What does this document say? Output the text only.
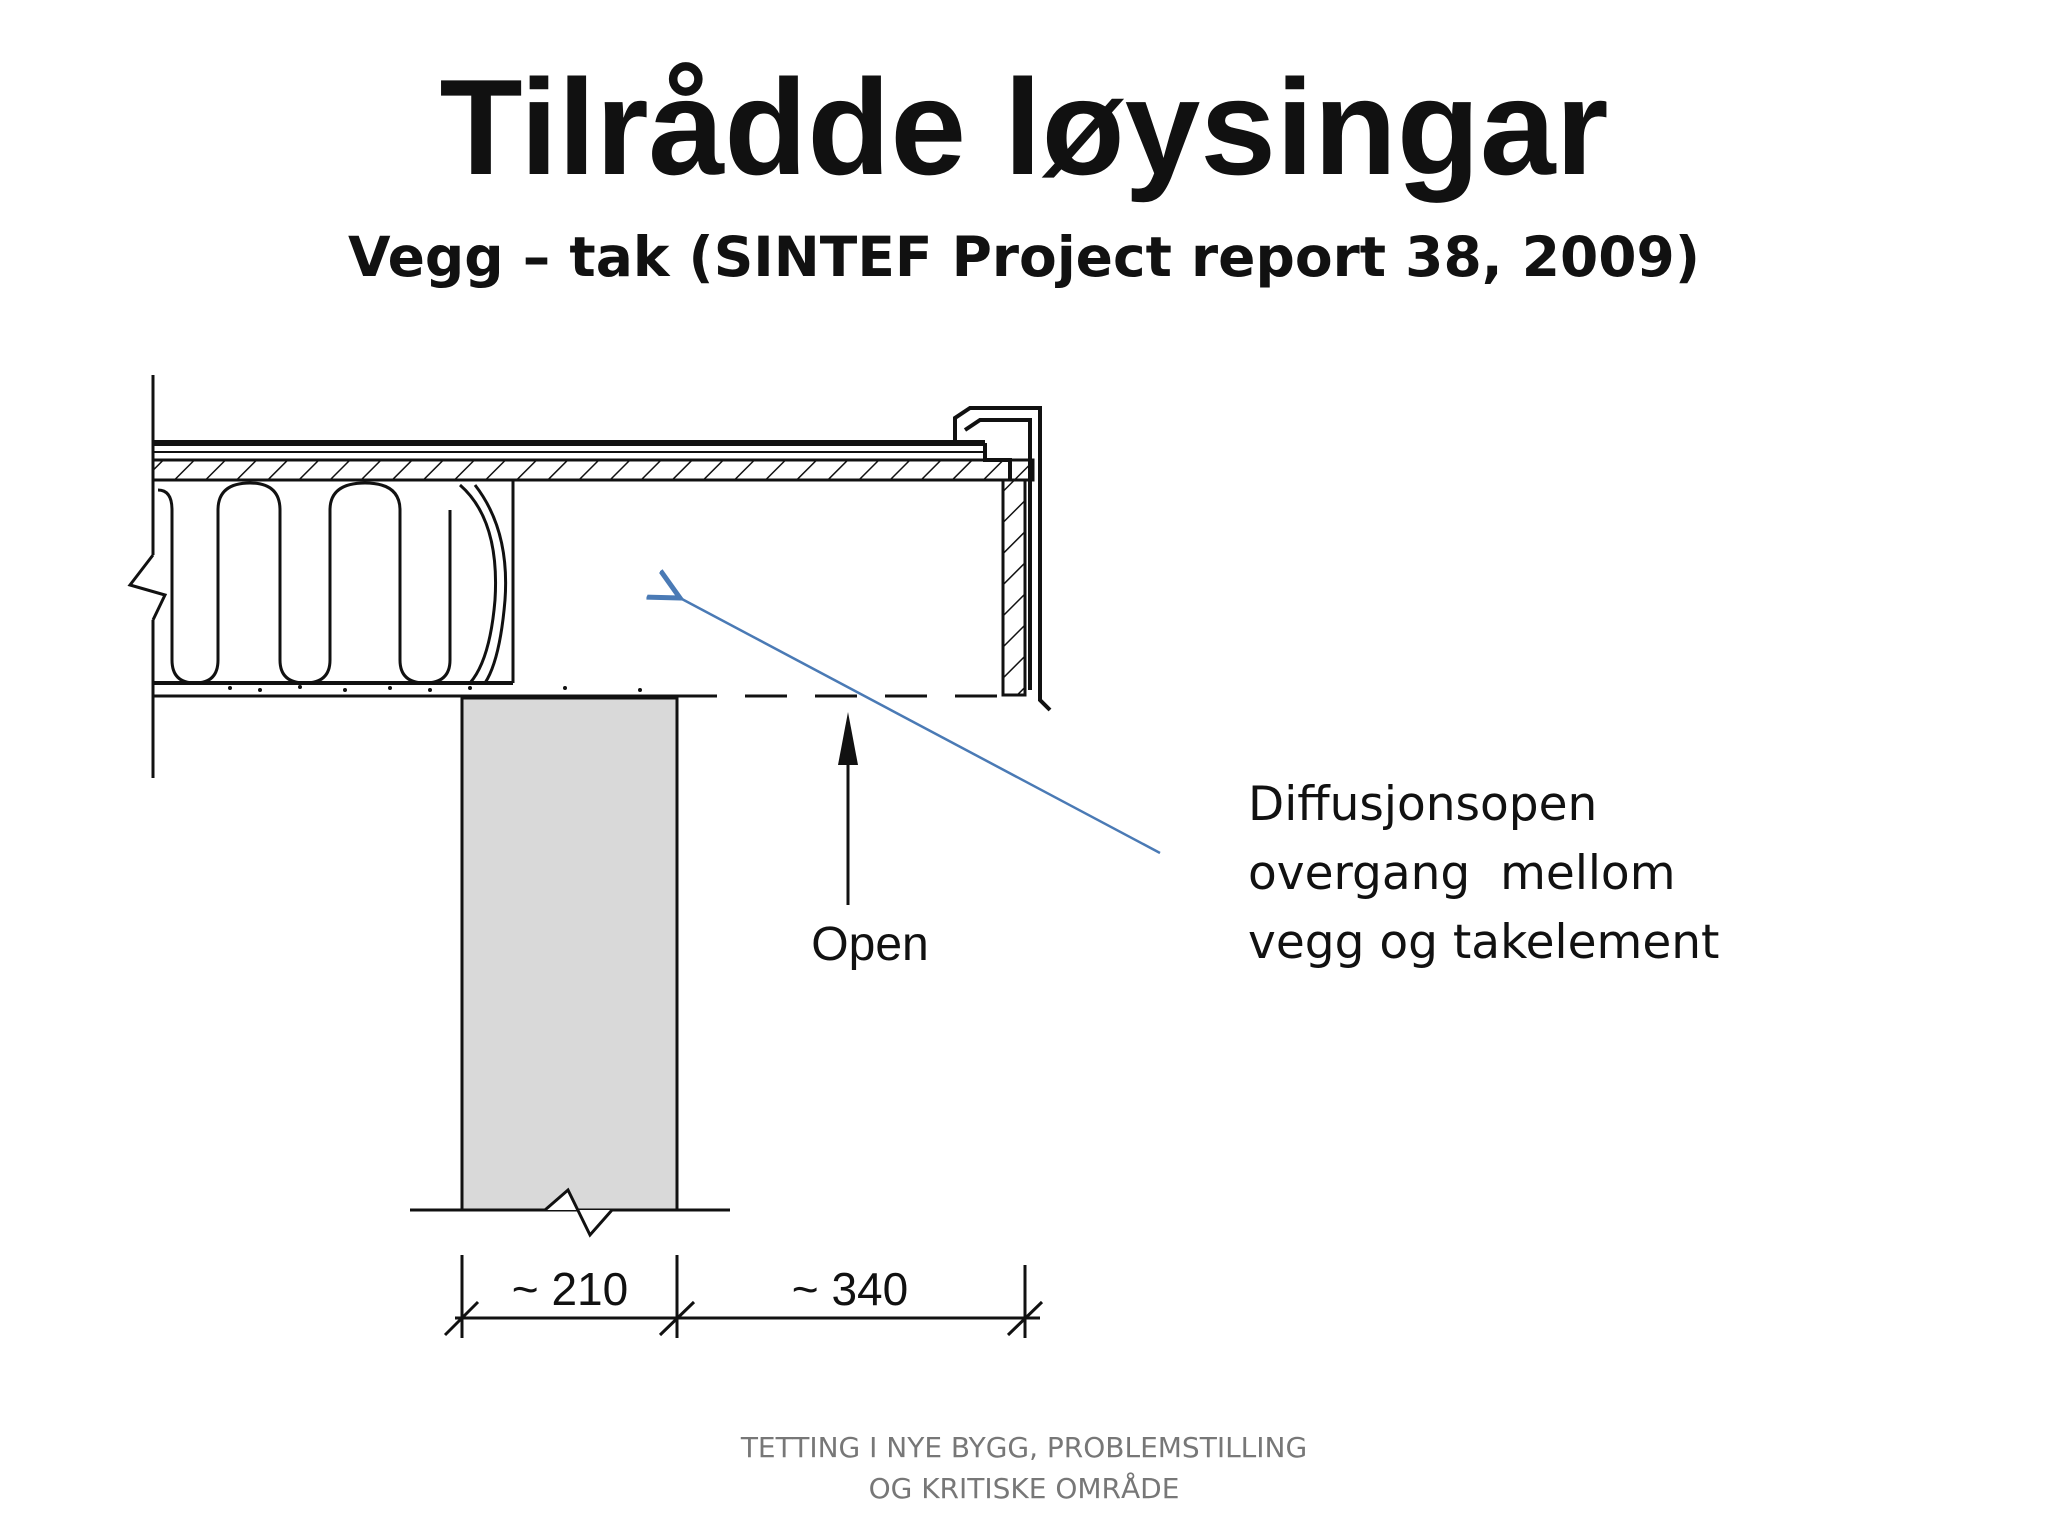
Tilrådde løysingar
Vegg – tak (SINTEF Project report 38, 2009)
Open
~ 210	~ 340
Diffusjonsopen
overgang  mellom
vegg og takelement
TETTING I NYE BYGG, PROBLEMSTILLING
OG KRITISKE OMRÅDE
